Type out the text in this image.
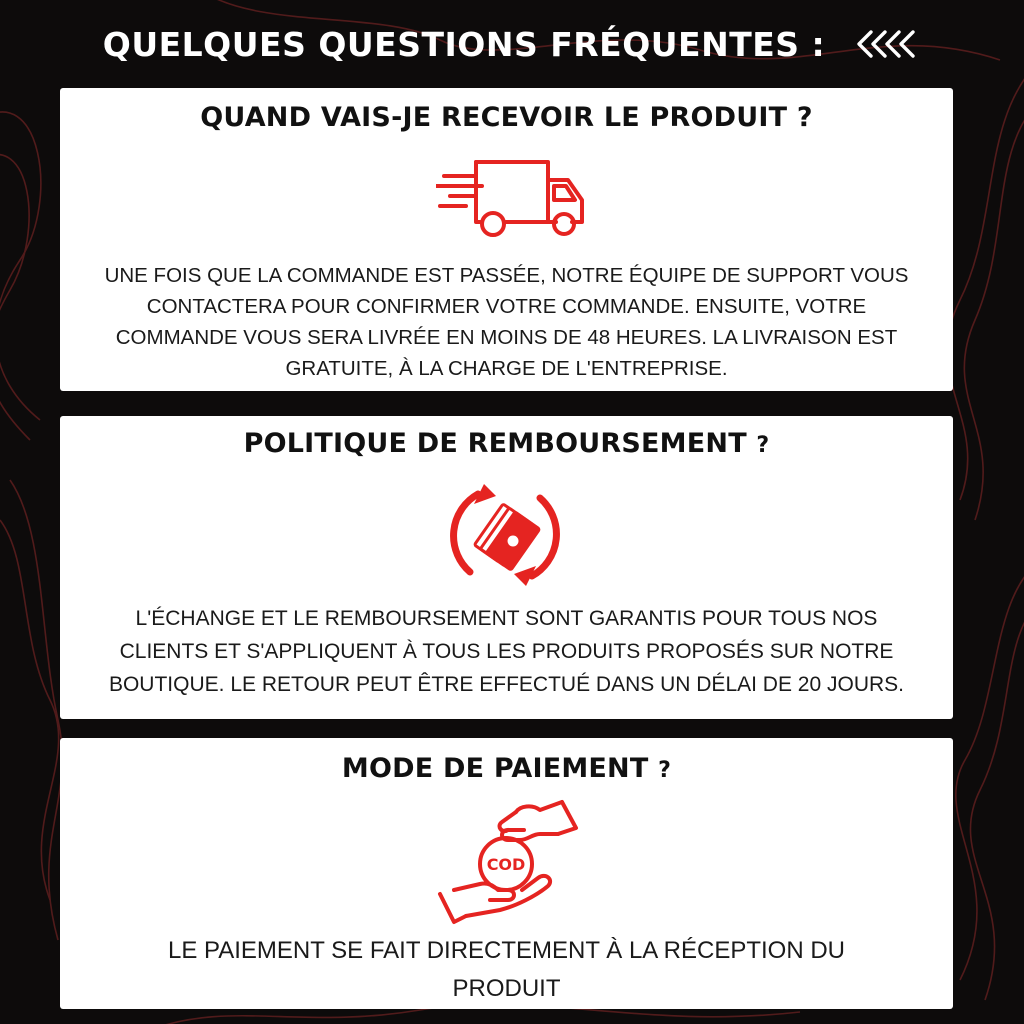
QUELQUES QUESTIONS FRÉQUENTES :
QUAND VAIS-JE RECEVOIR LE PRODUIT ?

UNE FOIS QUE LA COMMANDE EST PASSÉE, NOTRE ÉQUIPE DE SUPPORT VOUS CONTACTERA POUR CONFIRMER VOTRE COMMANDE. ENSUITE, VOTRE COMMANDE VOUS SERA LIVRÉE EN MOINS DE 48 HEURES. LA LIVRAISON EST GRATUITE, À LA CHARGE DE L'ENTREPRISE.

POLITIQUE DE REMBOURSEMENT ?

L'ÉCHANGE ET LE REMBOURSEMENT SONT GARANTIS POUR TOUS NOS CLIENTS ET S'APPLIQUENT À TOUS LES PRODUITS PROPOSÉS SUR NOTRE BOUTIQUE. LE RETOUR PEUT ÊTRE EFFECTUÉ DANS UN DÉLAI DE 20 JOURS.

MODE DE PAIEMENT ?
COD

LE PAIEMENT SE FAIT DIRECTEMENT À LA RÉCEPTION DU PRODUIT
